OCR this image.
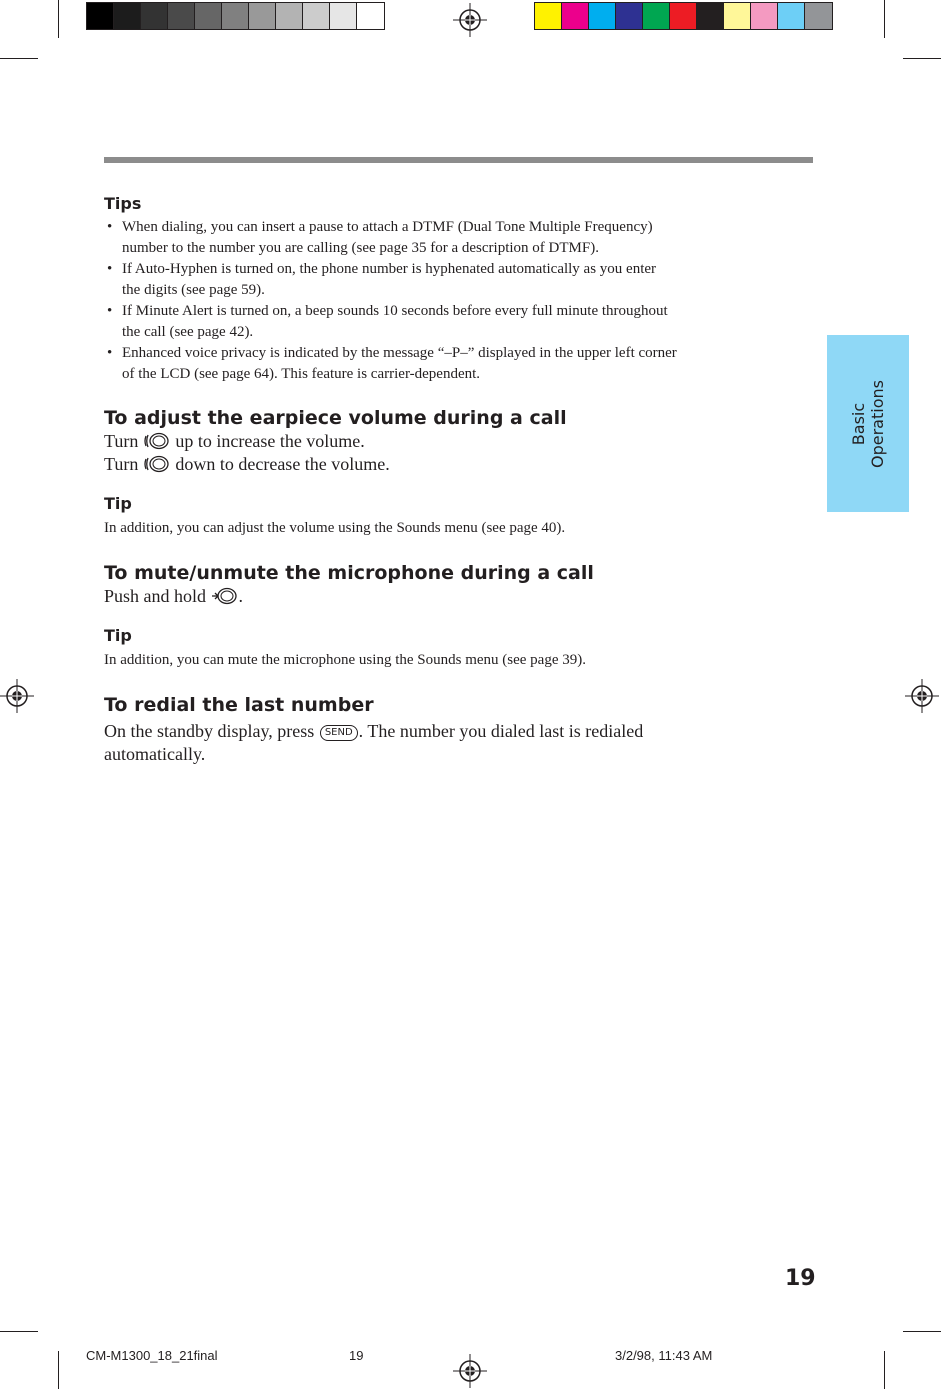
Basic Operations
Tips
• When dialing, you can insert a pause to attach a DTMF (Dual Tone Multiple Frequency)
number to the number you are calling (see page 35 for a description of DTMF).
• If Auto-Hyphen is turned on, the phone number is hyphenated automatically as you enter
the digits (see page 59).
• If Minute Alert is turned on, a beep sounds 10 seconds before every full minute throughout
the call (see page 42).
• Enhanced voice privacy is indicated by the message “–P–” displayed in the upper left corner
of the LCD (see page 64). This feature is carrier-dependent.
To adjust the earpiece volume during a call

Turn up to increase the volume.

Turn down to decrease the volume.

Tip

In addition, you can adjust the volume using the Sounds menu (see page 40).

To mute/unmute the microphone during a call

Push and hold .

Tip

In addition, you can mute the microphone using the Sounds menu (see page 39).

To redial the last number

On the standby display, press SEND . The number you dialed last is redialed
automatically.

19
CM-M1300_18_21final	19	3/2/98, 11:43 AM
